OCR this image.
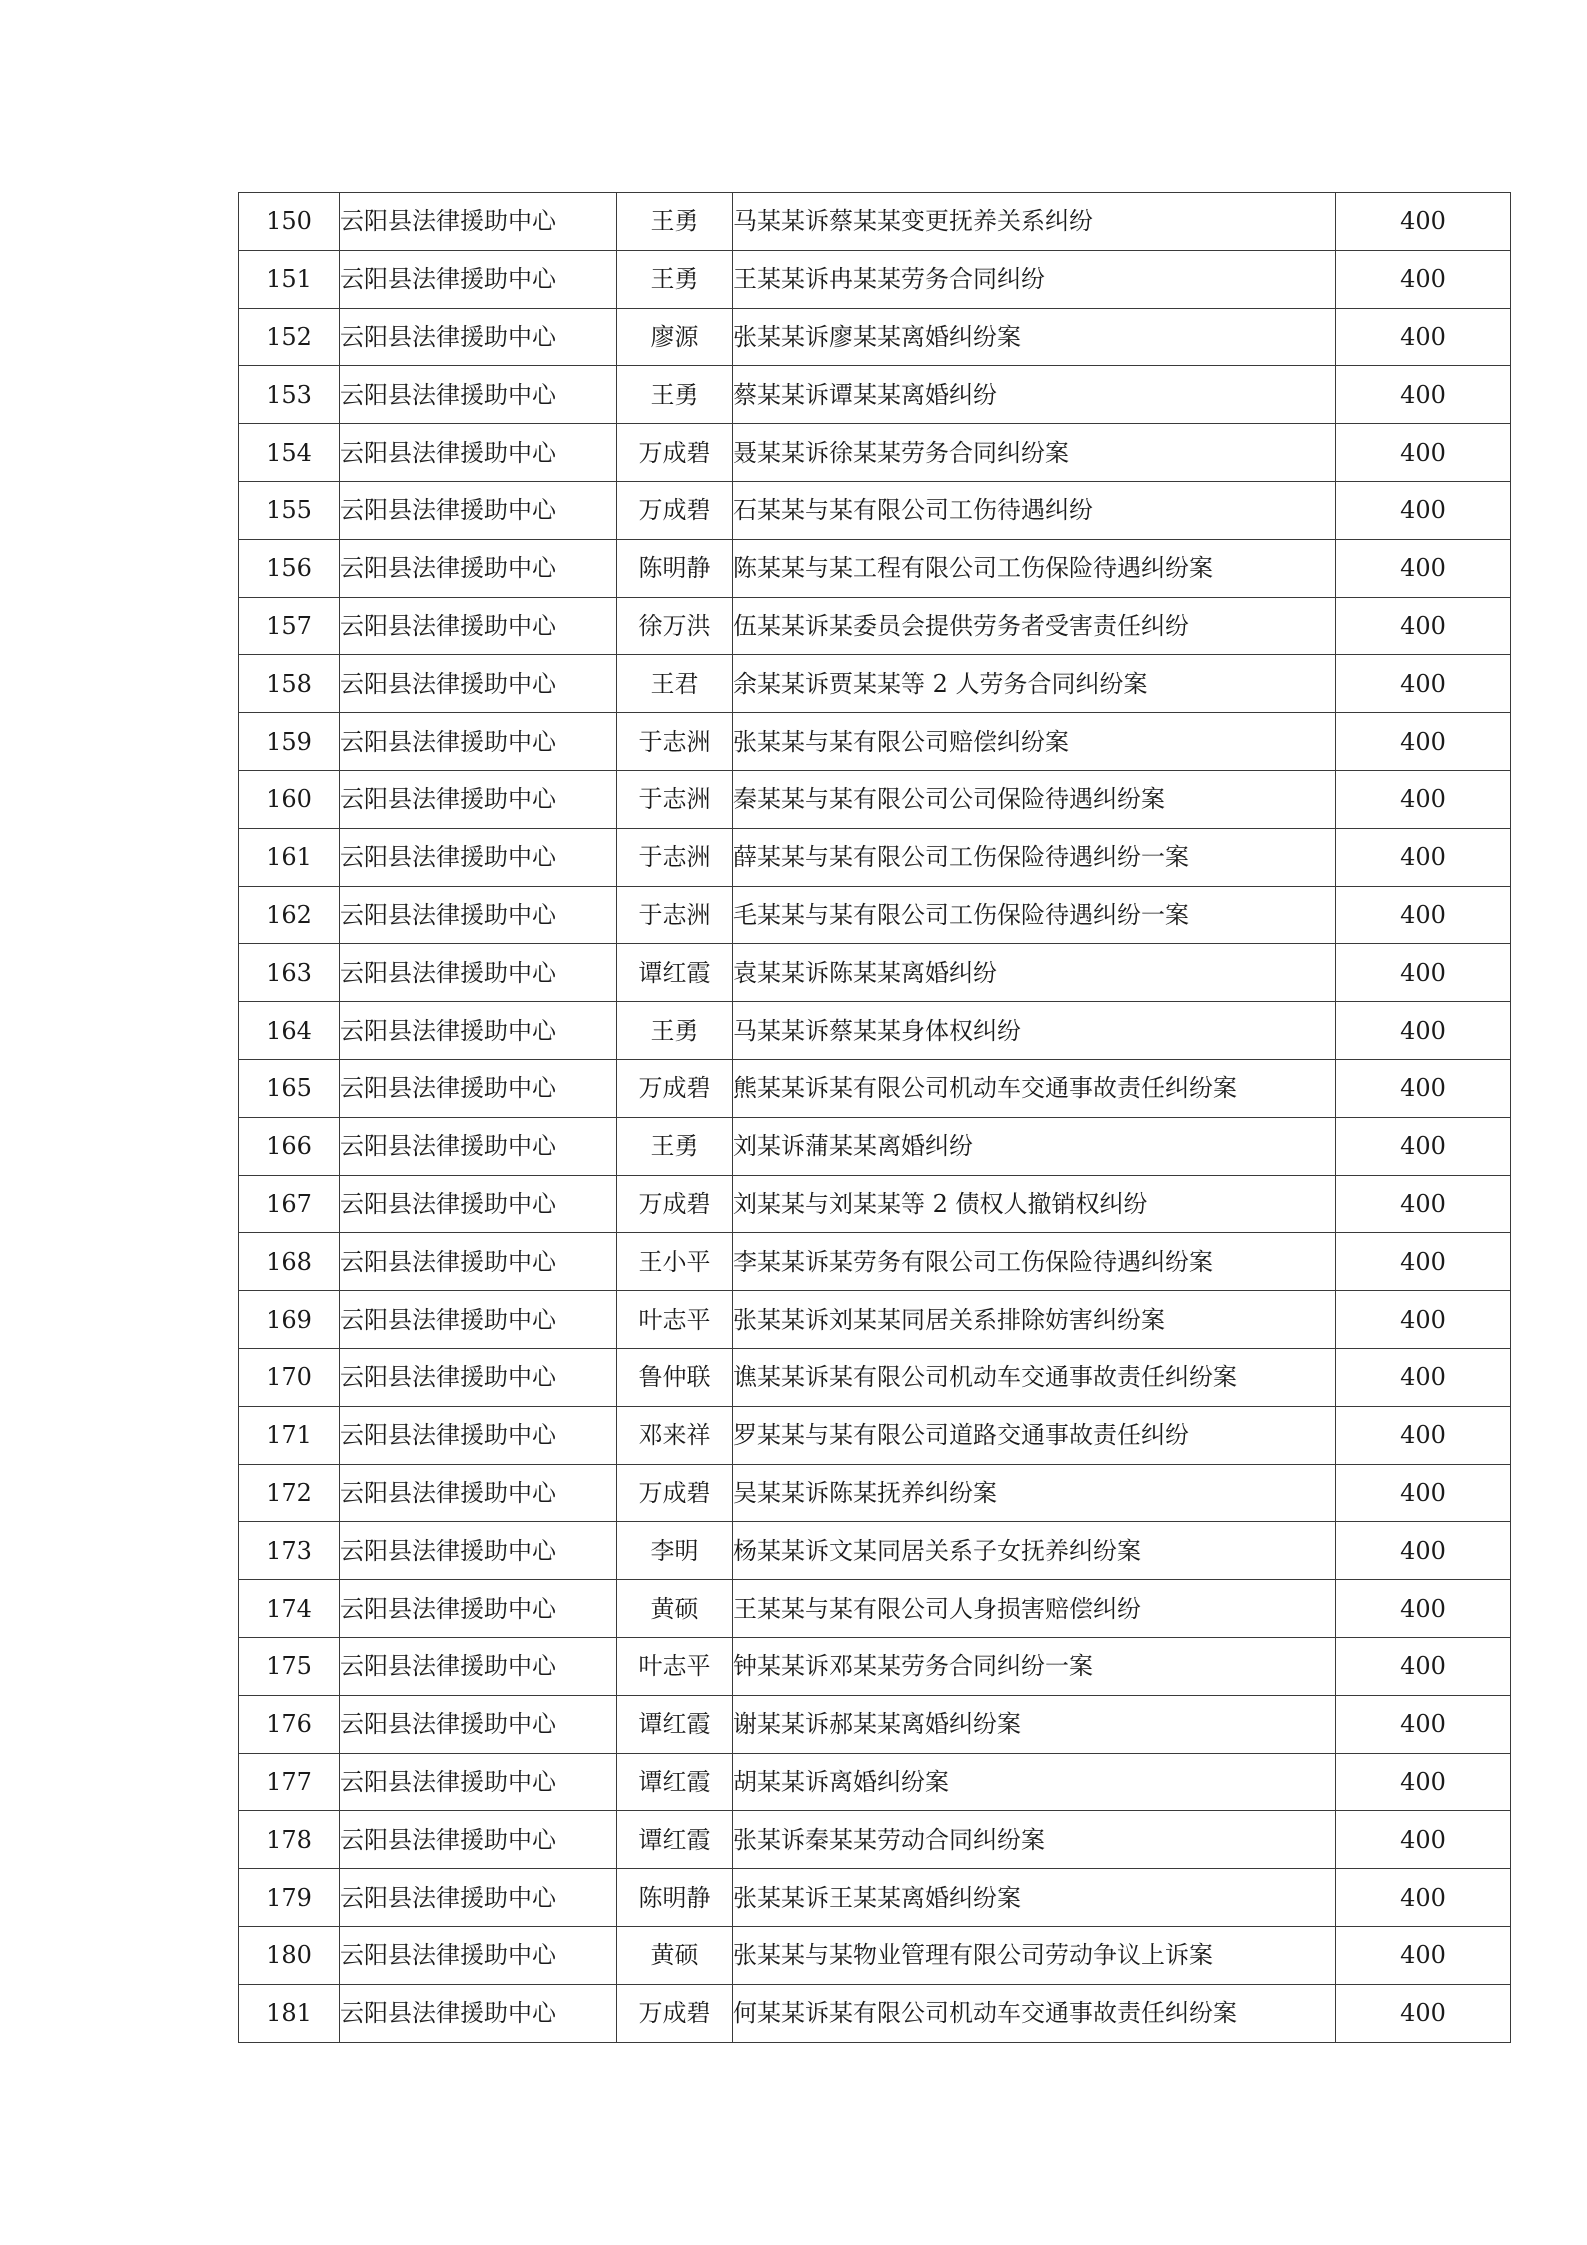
150	云阳县法律援助中心	王勇	马某某诉蔡某某变更抚养关系纠纷	400
151	云阳县法律援助中心	王勇	王某某诉冉某某劳务合同纠纷	400
152	云阳县法律援助中心	廖源	张某某诉廖某某离婚纠纷案	400
153	云阳县法律援助中心	王勇	蔡某某诉谭某某离婚纠纷	400
154	云阳县法律援助中心	万成碧	聂某某诉徐某某劳务合同纠纷案	400
155	云阳县法律援助中心	万成碧	石某某与某有限公司工伤待遇纠纷	400
156	云阳县法律援助中心	陈明静	陈某某与某工程有限公司工伤保险待遇纠纷案	400
157	云阳县法律援助中心	徐万洪	伍某某诉某委员会提供劳务者受害责任纠纷	400
158	云阳县法律援助中心	王君	余某某诉贾某某等 2 人劳务合同纠纷案	400
159	云阳县法律援助中心	于志洲	张某某与某有限公司赔偿纠纷案	400
160	云阳县法律援助中心	于志洲	秦某某与某有限公司公司保险待遇纠纷案	400
161	云阳县法律援助中心	于志洲	薛某某与某有限公司工伤保险待遇纠纷一案	400
162	云阳县法律援助中心	于志洲	毛某某与某有限公司工伤保险待遇纠纷一案	400
163	云阳县法律援助中心	谭红霞	袁某某诉陈某某离婚纠纷	400
164	云阳县法律援助中心	王勇	马某某诉蔡某某身体权纠纷	400
165	云阳县法律援助中心	万成碧	熊某某诉某有限公司机动车交通事故责任纠纷案	400
166	云阳县法律援助中心	王勇	刘某诉蒲某某离婚纠纷	400
167	云阳县法律援助中心	万成碧	刘某某与刘某某等 2 债权人撤销权纠纷	400
168	云阳县法律援助中心	王小平	李某某诉某劳务有限公司工伤保险待遇纠纷案	400
169	云阳县法律援助中心	叶志平	张某某诉刘某某同居关系排除妨害纠纷案	400
170	云阳县法律援助中心	鲁仲联	谯某某诉某有限公司机动车交通事故责任纠纷案	400
171	云阳县法律援助中心	邓来祥	罗某某与某有限公司道路交通事故责任纠纷	400
172	云阳县法律援助中心	万成碧	吴某某诉陈某抚养纠纷案	400
173	云阳县法律援助中心	李明	杨某某诉文某同居关系子女抚养纠纷案	400
174	云阳县法律援助中心	黄硕	王某某与某有限公司人身损害赔偿纠纷	400
175	云阳县法律援助中心	叶志平	钟某某诉邓某某劳务合同纠纷一案	400
176	云阳县法律援助中心	谭红霞	谢某某诉郝某某离婚纠纷案	400
177	云阳县法律援助中心	谭红霞	胡某某诉离婚纠纷案	400
178	云阳县法律援助中心	谭红霞	张某诉秦某某劳动合同纠纷案	400
179	云阳县法律援助中心	陈明静	张某某诉王某某离婚纠纷案	400
180	云阳县法律援助中心	黄硕	张某某与某物业管理有限公司劳动争议上诉案	400
181	云阳县法律援助中心	万成碧	何某某诉某有限公司机动车交通事故责任纠纷案	400
